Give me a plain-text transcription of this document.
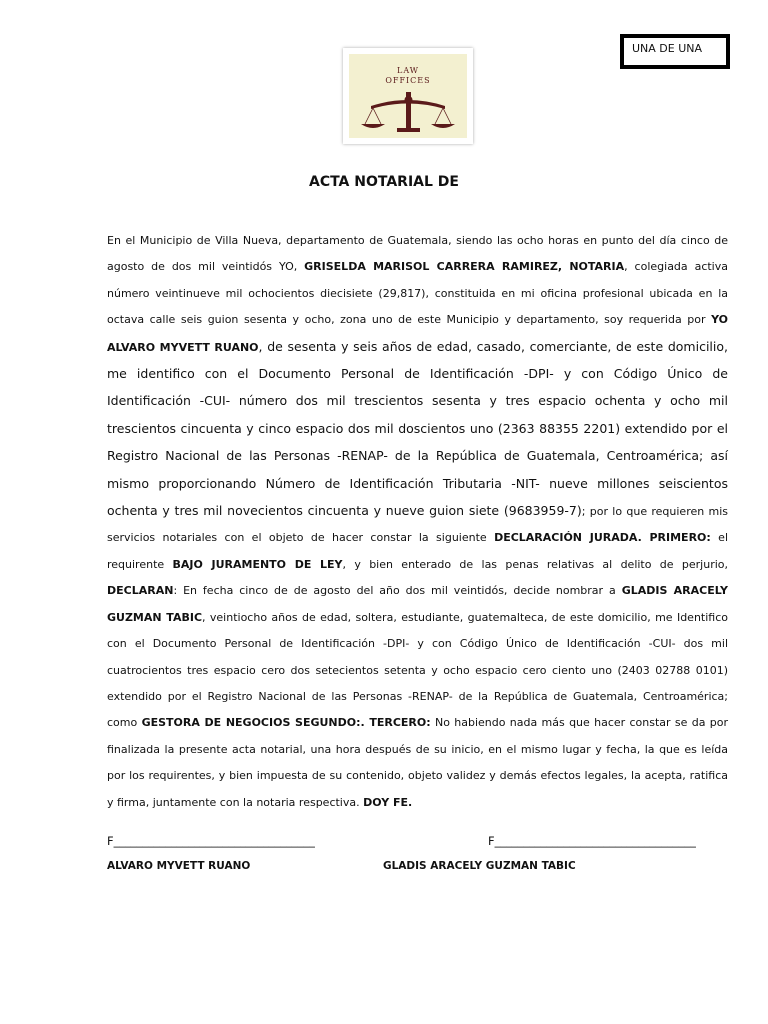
UNA DE UNA
LAW
OFFICES
ACTA NOTARIAL DE

En el Municipio de Villa Nueva, departamento de Guatemala, siendo las ocho horas en punto del día cinco de agosto de dos mil veintidós YO, GRISELDA MARISOL CARRERA RAMIREZ, NOTARIA, colegiada activa número veintinueve mil ochocientos diecisiete (29,817), constituida en mi oficina profesional ubicada en la octava calle seis guion sesenta y ocho, zona uno de este Municipio y departamento, soy requerida por YO ALVARO MYVETT RUANO, de sesenta y seis años de edad, casado, comerciante, de este domicilio, me identifico con el Documento Personal de Identificación -DPI- y con Código Único de Identificación -CUI- número dos mil trescientos sesenta y tres espacio ochenta y ocho mil trescientos cincuenta y cinco espacio dos mil doscientos uno (2363 88355 2201) extendido por el Registro Nacional de las Personas -RENAP- de la República de Guatemala, Centroamérica; así mismo proporcionando Número de Identificación Tributaria -NIT- nueve millones seiscientos ochenta y tres mil novecientos cincuenta y nueve guion siete (9683959-7); por lo que requieren mis servicios notariales con el objeto de hacer constar la siguiente DECLARACIÓN JURADA. PRIMERO: el requirente BAJO JURAMENTO DE LEY, y bien enterado de las penas relativas al delito de perjurio, DECLARAN: En fecha cinco de de agosto del año dos mil veintidós, decide nombrar a GLADIS ARACELY GUZMAN TABIC, veintiocho años de edad, soltera, estudiante, guatemalteca, de este domicilio, me Identifico con el Documento Personal de Identificación -DPI- y con Código Único de Identificación -CUI- dos mil cuatrocientos tres espacio cero dos setecientos setenta y ocho espacio cero ciento uno (2403 02788 0101) extendido por el Registro Nacional de las Personas -RENAP- de la República de Guatemala, Centroamérica; como GESTORA DE NEGOCIOS SEGUNDO:. TERCERO: No habiendo nada más que hacer constar se da por finalizada la presente acta notarial, una hora después de su inicio, en el mismo lugar y fecha, la que es leída por los requirentes, y bien impuesta de su contenido, objeto validez y demás efectos legales, la acepta, ratifica y firma, juntamente con la notaria respectiva. DOY FE.

F___________________________________	F___________________________________
ALVARO MYVETT RUANO	GLADIS ARACELY GUZMAN TABIC
